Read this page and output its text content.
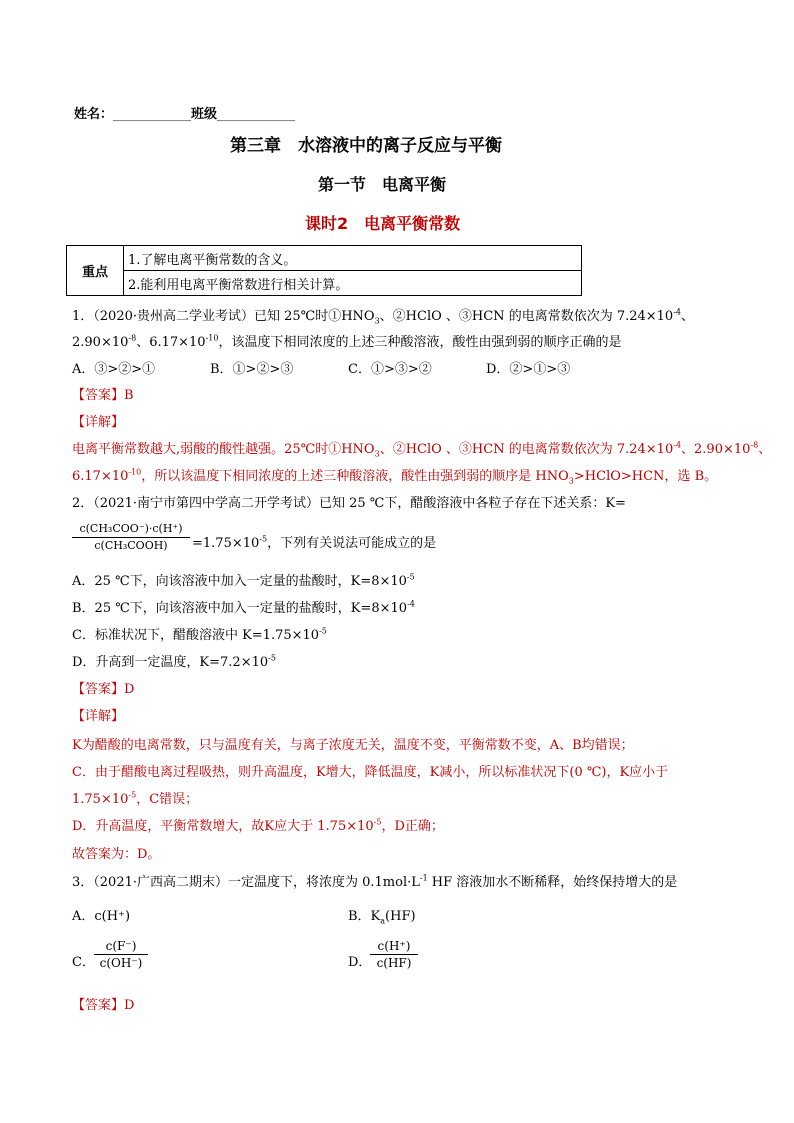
姓名：____________班级____________
第三章　水溶液中的离子反应与平衡
第一节　电离平衡
课时2　电离平衡常数
重点	1.了解电离平衡常数的含义。
2.能利用电离平衡常数进行相关计算。
1．（2020·贵州高二学业考试）已知 25℃时$①HNO_3$、②HClO 、③HCN 的电离常数依次为 $7.24\times 10^{-4}$、
$2.90\times 10^{-8}$、$6.17\times 10^{-10}$，该温度下相同浓度的上述三种酸溶液，酸性由强到弱的顺序正确的是
A．③>②>①	B．①>②>③	C．①>③>②	D．②>①>③
【答案】B
【详解】
电离平衡常数越大,弱酸的酸性越强。25℃时$①HNO_3$、②HClO 、③HCN 的电离常数依次为 $7.24\times 10^{-4}$、$2.90\times 10^{-8}$、
$6.17\times 10^{-10}$，所以该温度下相同浓度的上述三种酸溶液，酸性由强到弱的顺序是 $HNO_3>HClO>HCN$，选 B。
2．（2021·南宁市第四中学高二开学考试）已知 25 ℃下，醋酸溶液中各粒子存在下述关系：K=
c(CH₃COO⁻)·c(H⁺)
c(CH₃COOH)	$=1.75\times 10^{-5}$，下列有关说法可能成立的是
A．25 ℃下，向该溶液中加入一定量的盐酸时，$K=8\times 10^{-5}$
B．25 ℃下，向该溶液中加入一定量的盐酸时，$K=8\times 10^{-4}$
C．标准状况下，醋酸溶液中 $K=1.75\times 10^{-5}$
D．升高到一定温度，$K=7.2\times 10^{-5}$
【答案】D
【详解】
K为醋酸的电离常数，只与温度有关，与离子浓度无关，温度不变，平衡常数不变，A、B均错误；
C．由于醋酸电离过程吸热，则升高温度，K增大，降低温度，K减小，所以标准状况下(0 ℃)，K应小于
$1.75\times 10^{-5}$，C错误；
D．升高温度，平衡常数增大，故K应大于 $1.75\times 10^{-5}$，D正确；
故答案为：D。
3．（2021·广西高二期末）一定温度下，将浓度为 $0.1mol\cdot L^{-1}$ HF 溶液加水不断稀释，始终保持增大的是
A．c(H⁺)	B．$K_a(HF)$
C． $\frac{c(F^-)}{c(OH^-)}$	D．
$\frac{c(H^+)}{c(HF)}$
【答案】D
